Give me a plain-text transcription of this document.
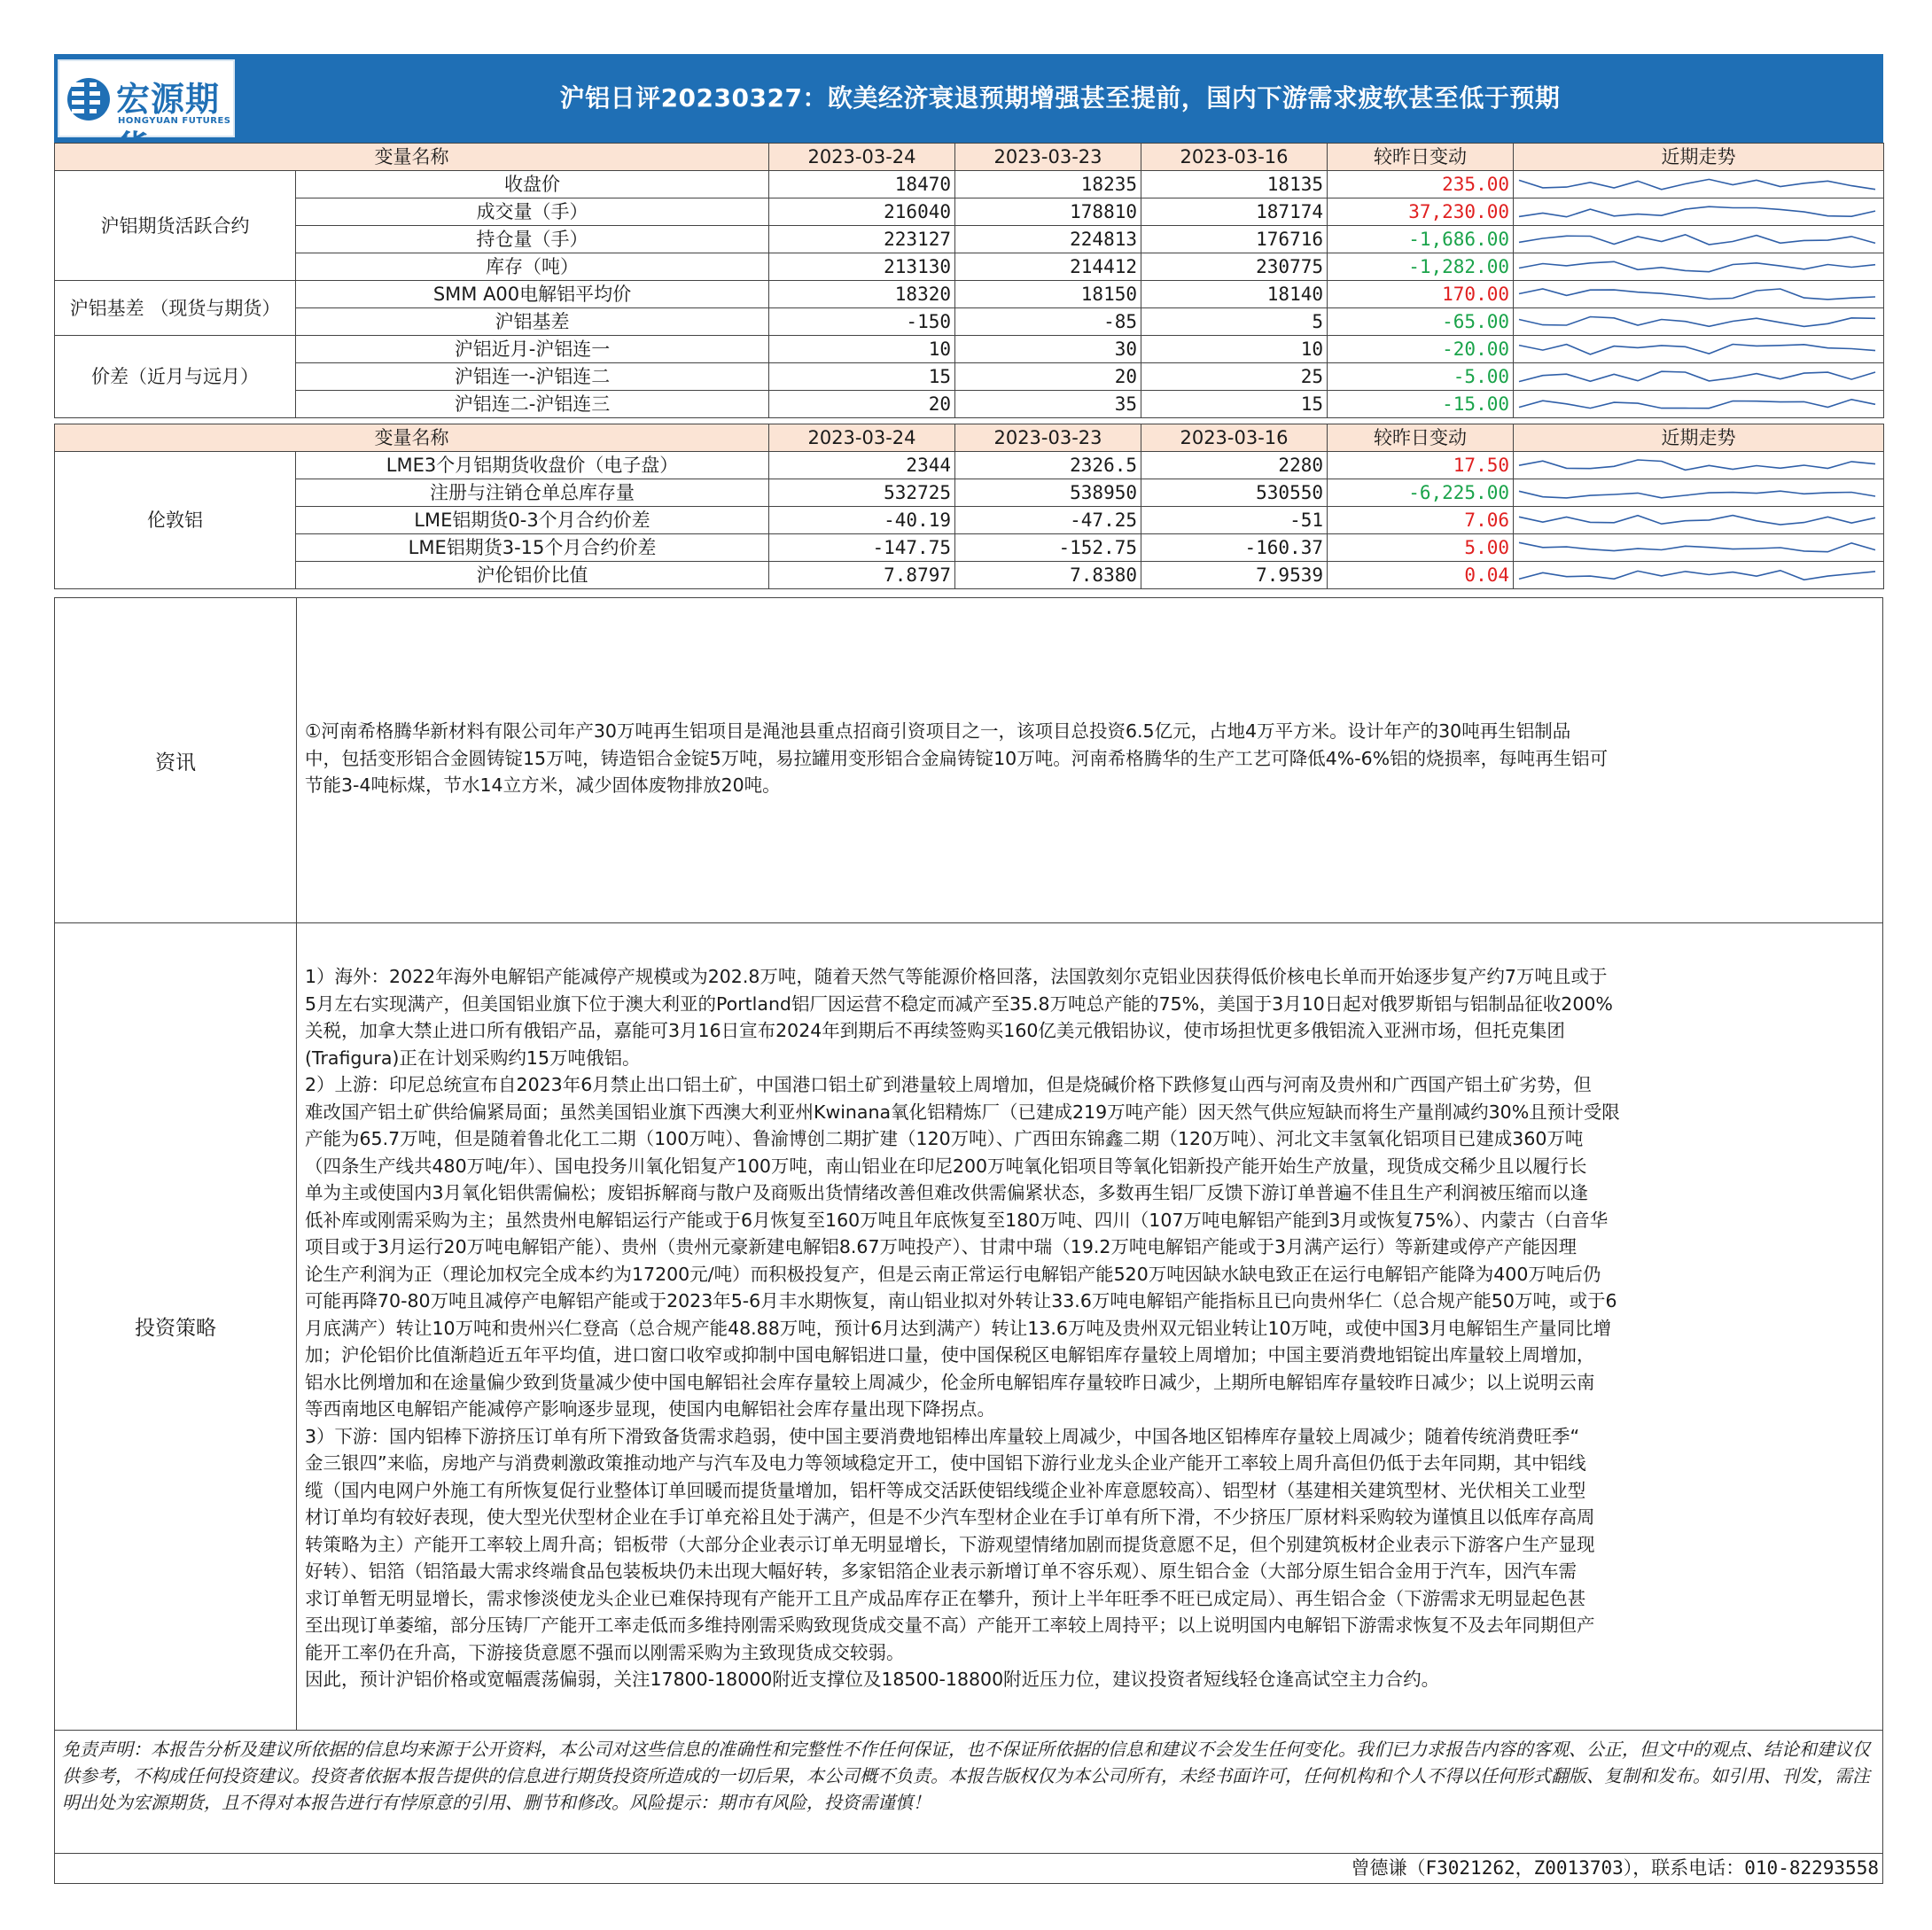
宏源期
HONGYUAN FUTURES
沪铝日评20230327：欧美经济衰退预期增强甚至提前，国内下游需求疲软甚至低于预期
变量名称		2023-03-24	2023-03-23	2023-03-16	较昨日变动	近期走势
沪铝期货活跃合约	收盘价	18470	18235	18135	235.00	

	成交量（手）	216040	178810	187174	37,230.00	

	持仓量（手）	223127	224813	176716	-1,686.00	

	库存（吨）	213130	214412	230775	-1,282.00	

沪铝基差 （现货与期货）	SMM A00电解铝平均价	18320	18150	18140	170.00	

	沪铝基差	-150	-85	5	-65.00	

价差（近月与远月）	沪铝近月-沪铝连一	10	30	10	-20.00	

	沪铝连一-沪铝连二	15	20	25	-5.00	

	沪铝连二-沪铝连三	20	35	15	-15.00	
变量名称		2023-03-24	2023-03-23	2023-03-16	较昨日变动	近期走势
伦敦铝	LME3个月铝期货收盘价（电子盘）	2344	2326.5	2280	17.50	

	注册与注销仓单总库存量	532725	538950	530550	-6,225.00	

	LME铝期货0-3个月合约价差	-40.19	-47.25	-51	7.06	

	LME铝期货3-15个月合约价差	-147.75	-152.75	-160.37	5.00	

	沪伦铝价比值	7.8797	7.8380	7.9539	0.04	
资讯
①河南希格腾华新材料有限公司年产30万吨再生铝项目是渑池县重点招商引资项目之一，该项目总投资6.5亿元，占地4万平方米。设计年产的30吨再生铝制品
中，包括变形铝合金圆铸锭15万吨，铸造铝合金锭5万吨，易拉罐用变形铝合金扁铸锭10万吨。河南希格腾华的生产工艺可降低4%-6%铝的烧损率，每吨再生铝可
节能3-4吨标煤，节水14立方米，减少固体废物排放20吨。
投资策略
1）海外：2022年海外电解铝产能减停产规模或为202.8万吨，随着天然气等能源价格回落，法国敦刻尔克铝业因获得低价核电长单而开始逐步复产约7万吨且或于
5月左右实现满产，但美国铝业旗下位于澳大利亚的Portland铝厂因运营不稳定而减产至35.8万吨总产能的75%，美国于3月10日起对俄罗斯铝与铝制品征收200%
关税，加拿大禁止进口所有俄铝产品，嘉能可3月16日宣布2024年到期后不再续签购买160亿美元俄铝协议，使市场担忧更多俄铝流入亚洲市场，但托克集团
(Trafigura)正在计划采购约15万吨俄铝。
2）上游：印尼总统宣布自2023年6月禁止出口铝土矿，中国港口铝土矿到港量较上周增加，但是烧碱价格下跌修复山西与河南及贵州和广西国产铝土矿劣势，但
难改国产铝土矿供给偏紧局面；虽然美国铝业旗下西澳大利亚州Kwinana氧化铝精炼厂（已建成219万吨产能）因天然气供应短缺而将生产量削减约30%且预计受限
产能为65.7万吨，但是随着鲁北化工二期（100万吨）、鲁渝博创二期扩建（120万吨）、广西田东锦鑫二期（120万吨）、河北文丰氢氧化铝项目已建成360万吨
（四条生产线共480万吨/年）、国电投务川氧化铝复产100万吨，南山铝业在印尼200万吨氧化铝项目等氧化铝新投产能开始生产放量，现货成交稀少且以履行长
单为主或使国内3月氧化铝供需偏松；废铝拆解商与散户及商贩出货情绪改善但难改供需偏紧状态，多数再生铝厂反馈下游订单普遍不佳且生产利润被压缩而以逢
低补库或刚需采购为主；虽然贵州电解铝运行产能或于6月恢复至160万吨且年底恢复至180万吨、四川（107万吨电解铝产能到3月或恢复75%）、内蒙古（白音华
项目或于3月运行20万吨电解铝产能）、贵州（贵州元豪新建电解铝8.67万吨投产）、甘肃中瑞（19.2万吨电解铝产能或于3月满产运行）等新建或停产产能因理
论生产利润为正（理论加权完全成本约为17200元/吨）而积极投复产，但是云南正常运行电解铝产能520万吨因缺水缺电致正在运行电解铝产能降为400万吨后仍
可能再降70-80万吨且减停产电解铝产能或于2023年5-6月丰水期恢复，南山铝业拟对外转让33.6万吨电解铝产能指标且已向贵州华仁（总合规产能50万吨，或于6
月底满产）转让10万吨和贵州兴仁登高（总合规产能48.88万吨，预计6月达到满产）转让13.6万吨及贵州双元铝业转让10万吨，或使中国3月电解铝生产量同比增
加；沪伦铝价比值渐趋近五年平均值，进口窗口收窄或抑制中国电解铝进口量，使中国保税区电解铝库存量较上周增加；中国主要消费地铝锭出库量较上周增加，
铝水比例增加和在途量偏少致到货量减少使中国电解铝社会库存量较上周减少，伦金所电解铝库存量较昨日减少，上期所电解铝库存量较昨日减少；以上说明云南
等西南地区电解铝产能减停产影响逐步显现，使国内电解铝社会库存量出现下降拐点。
3）下游：国内铝棒下游挤压订单有所下滑致备货需求趋弱，使中国主要消费地铝棒出库量较上周减少，中国各地区铝棒库存量较上周减少；随着传统消费旺季“
金三银四”来临，房地产与消费刺激政策推动地产与汽车及电力等领域稳定开工，使中国铝下游行业龙头企业产能开工率较上周升高但仍低于去年同期，其中铝线
缆（国内电网户外施工有所恢复促行业整体订单回暖而提货量增加，铝杆等成交活跃使铝线缆企业补库意愿较高）、铝型材（基建相关建筑型材、光伏相关工业型
材订单均有较好表现，使大型光伏型材企业在手订单充裕且处于满产，但是不少汽车型材企业在手订单有所下滑，不少挤压厂原材料采购较为谨慎且以低库存高周
转策略为主）产能开工率较上周升高；铝板带（大部分企业表示订单无明显增长，下游观望情绪加剧而提货意愿不足，但个别建筑板材企业表示下游客户生产显现
好转）、铝箔（铝箔最大需求终端食品包装板块仍未出现大幅好转，多家铝箔企业表示新增订单不容乐观）、原生铝合金（大部分原生铝合金用于汽车，因汽车需
求订单暂无明显增长，需求惨淡使龙头企业已难保持现有产能开工且产成品库存正在攀升，预计上半年旺季不旺已成定局）、再生铝合金（下游需求无明显起色甚
至出现订单萎缩，部分压铸厂产能开工率走低而多维持刚需采购致现货成交量不高）产能开工率较上周持平；以上说明国内电解铝下游需求恢复不及去年同期但产
能开工率仍在升高，下游接货意愿不强而以刚需采购为主致现货成交较弱。
因此，预计沪铝价格或宽幅震荡偏弱，关注17800-18000附近支撑位及18500-18800附近压力位，建议投资者短线轻仓逢高试空主力合约。
免责声明：本报告分析及建议所依据的信息均来源于公开资料，本公司对这些信息的准确性和完整性不作任何保证，也不保证所依据的信息和建议不会发生任何变化。我们已力求报告内容的客观、公正，但文中的观点、结论和建议仅供参考，不构成任何投资建议。投资者依据本报告提供的信息进行期货投资所造成的一切后果，本公司概不负责。本报告版权仅为本公司所有，未经书面许可，任何机构和个人不得以任何形式翻版、复制和发布。如引用、刊发，需注明出处为宏源期货，且不得对本报告进行有悖原意的引用、删节和修改。风险提示：期市有风险，投资需谨慎！
曾德谦（F3021262，Z0013703），联系电话：010-82293558
